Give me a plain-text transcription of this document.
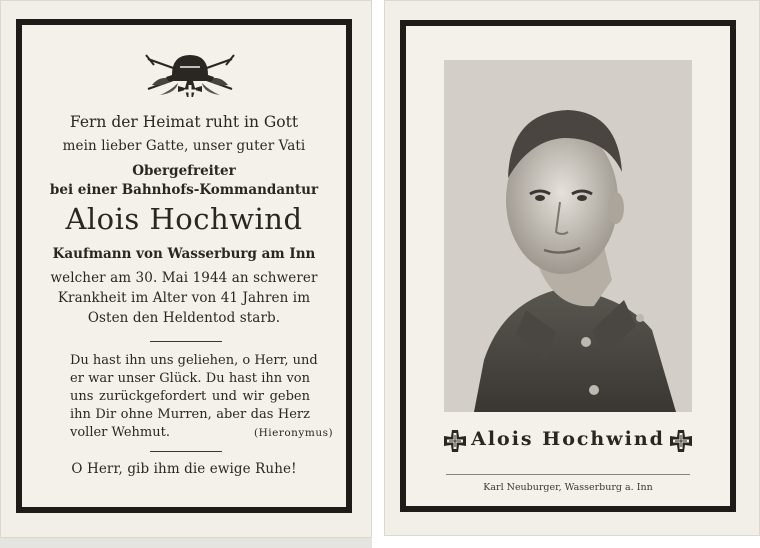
Fern der Heimat ruht in Gott
mein lieber Gatte, unser guter Vati
Obergefreiter
bei einer Bahnhofs-Kommandantur
Alois Hochwind
Kaufmann von Wasserburg am Inn
welcher am 30. Mai 1944 an schwerer
Krankheit im Alter von 41 Jahren im
Osten den Heldentod starb.
Du hast ihn uns geliehen, o Herr, und
er war unser Glück. Du hast ihn von
uns zurückgefordert und wir geben
ihn Dir ohne Murren, aber das Herz
voller Wehmut.	(Hieronymus)
O Herr, gib ihm die ewige Ruhe!
Alois Hochwind
Karl Neuburger, Wasserburg a. Inn
